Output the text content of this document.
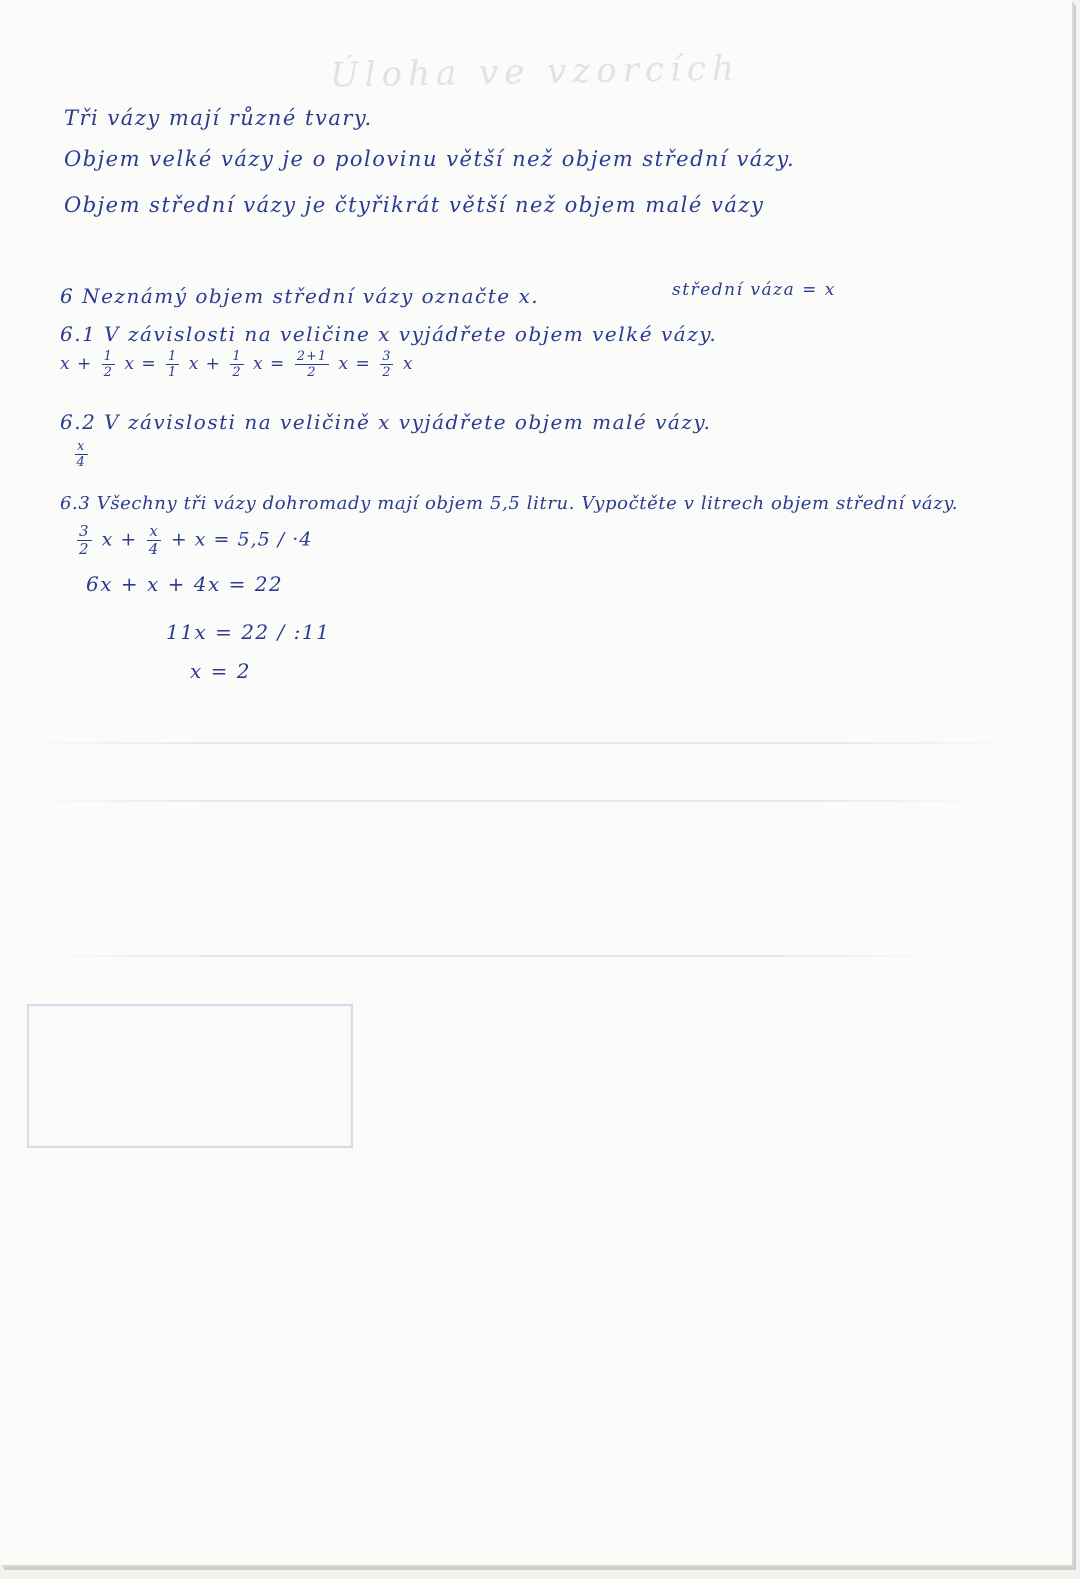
Úloha ve vzorcích
Tři vázy mají různé tvary.
Objem velké vázy je o polovinu větší než objem střední vázy.
Objem střední vázy je čtyřikrát větší než objem malé vázy
6 Neznámý objem střední vázy označte x.	střední váza = x
6.1 V závislosti na veličine x vyjádřete objem velké vázy.
$x + \frac{1}{2}$ $x = \frac{1}{1}$ $x + \frac{1}{2}$ $x = \frac{2+1}{2}$ $x = \frac{3}{2}$ x
6.2 V závislosti na veličině x vyjádřete objem malé vázy.
$\frac{x}{4}$
6.3 Všechny tři vázy dohromady mají objem 5,5 litru. Vypočtěte v litrech objem střední vázy.
$\frac{3}{2}$ $x + \frac{x}{4} + x = 5,5 / \cdot 4$
6x + x + 4x = 22
11x = 22 / :11
x = 2
